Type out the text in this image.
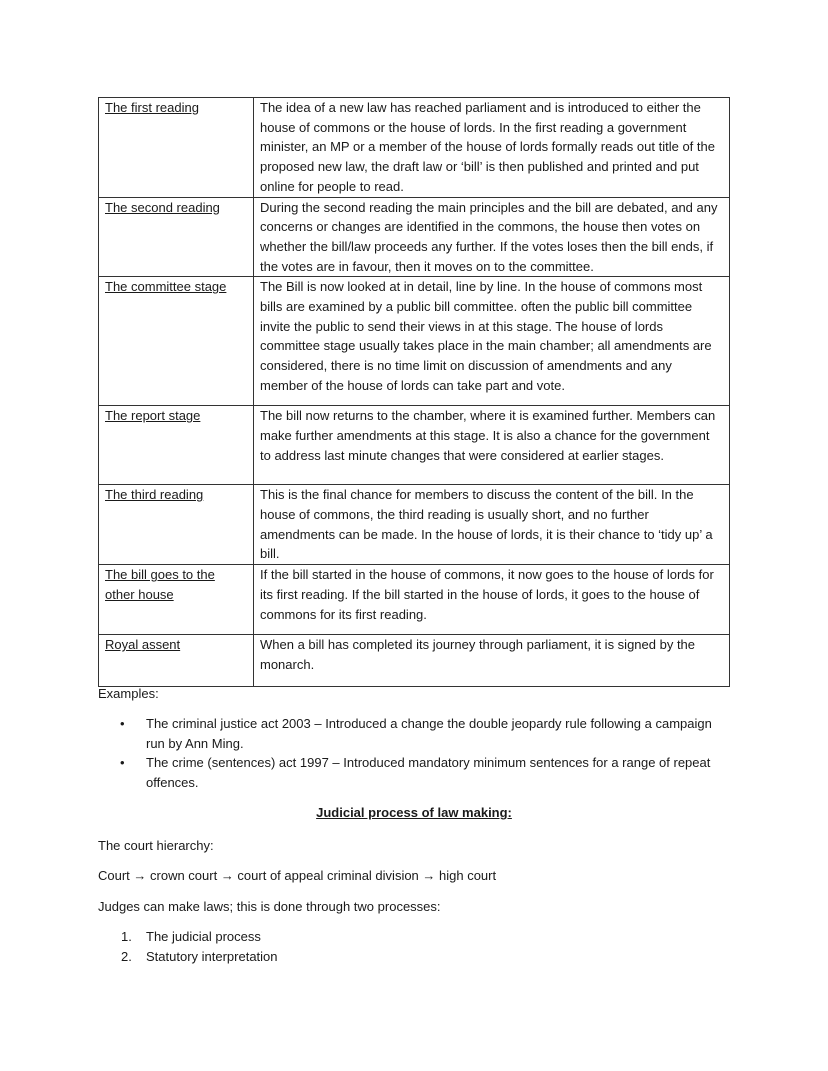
The first reading	The idea of a new law has reached parliament and is introduced to either the house of commons or the house of lords. In the first reading a government minister, an MP or a member of the house of lords formally reads out title of the proposed new law, the draft law or ‘bill’ is then published and printed and put online for people to read.
The second reading	During the second reading the main principles and the bill are debated, and any concerns or changes are identified in the commons, the house then votes on whether the bill/law proceeds any further. If the votes loses then the bill ends, if the votes are in favour, then it moves on to the committee.
The committee stage	The Bill is now looked at in detail, line by line. In the house of commons most bills are examined by a public bill committee. often the public bill committee invite the public to send their views in at this stage. The house of lords committee stage usually takes place in the main chamber; all amendments are considered, there is no time limit on discussion of amendments and any member of the house of lords can take part and vote.
The report stage	The bill now returns to the chamber, where it is examined further. Members can make further amendments at this stage. It is also a chance for the government to address last minute changes that were considered at earlier stages.
The third reading	This is the final chance for members to discuss the content of the bill. In the house of commons, the third reading is usually short, and no further amendments can be made. In the house of lords, it is their chance to ‘tidy up’ a bill.
The bill goes to the other house	If the bill started in the house of commons, it now goes to the house of lords for its first reading. If the bill started in the house of lords, it goes to the house of commons for its first reading.
Royal assent	When a bill has completed its journey through parliament, it is signed by the monarch.
Examples:
• The criminal justice act 2003 – Introduced a change the double jeopardy rule following a campaign run by Ann Ming.
• The crime (sentences) act 1997 – Introduced mandatory minimum sentences for a range of repeat offences.
Judicial process of law making:
The court hierarchy:
Court → crown court → court of appeal criminal division → high court
Judges can make laws; this is done through two processes:
1. The judicial process
2. Statutory interpretation
